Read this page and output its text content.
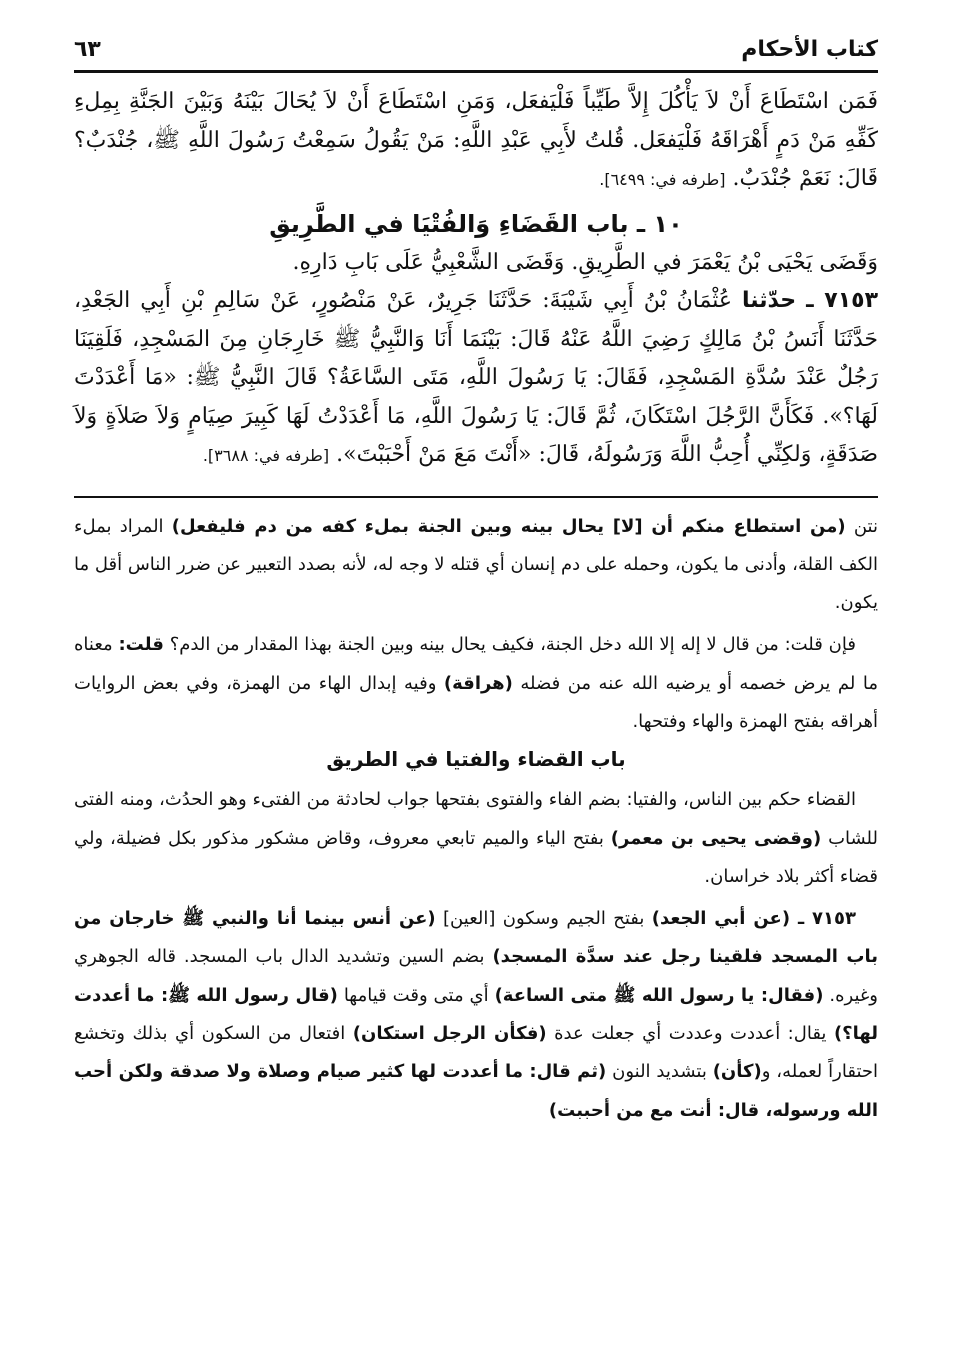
كتاب الأحكام
٦٣

فَمَن اسْتَطَاعَ أَنْ لاَ يَأْكُلَ إِلاَّ طَيِّباً فَلْيَفعَل، وَمَنِ اسْتَطَاعَ أَنْ لاَ يُحَالَ بَيْنَهُ وَبَيْنَ الجَنَّةِ بِمِلءِ كَفِّهِ مَنْ دَمٍ أَهْرَاقَهُ فَلْيَفعَل. قُلتُ لأَبِي عَبْدِ اللَّهِ: مَنْ يَقُولُ سَمِعْتُ رَسُولَ اللَّهِ ﷺ، جُنْدَبٌ؟ قَالَ: نَعَمْ جُنْدَبٌ. [طرفه في: ٦٤٩٩].

١٠ ـ باب القَضَاءِ وَالفُتْيَا في الطَّرِيقِ

وَقَضَى يَحْيَى بْنُ يَعْمَرَ في الطَّرِيقِ. وَقَضَى الشَّعْبِيُّ عَلَى بَابِ دَارِهِ.

٧١٥٣ ـ حدّثنا عُثْمَانُ بْنُ أَبِي شَيْبَةَ: حَدَّثَنَا جَرِيرٌ، عَنْ مَنْصُورٍ، عَنْ سَالِمِ بْنِ أَبِي الجَعْدِ، حَدَّثَنَا أَنَسُ بْنُ مَالِكٍ رَضِيَ اللَّهُ عَنْهُ قَالَ: بَيْنَمَا أَنَا وَالنَّبِيُّ ﷺ خَارِجَانِ مِنَ المَسْجِدِ، فَلَقِيَنَا رَجُلٌ عَنْدَ سُدَّةِ المَسْجِدِ، فَقَالَ: يَا رَسُولَ اللَّهِ، مَتَى السَّاعَةُ؟ قَالَ النَّبِيُّ ﷺ: «مَا أَعْدَدْتَ لَهَا؟». فَكَأَنَّ الرَّجُلَ اسْتَكَانَ، ثُمَّ قَالَ: يَا رَسُولَ اللَّهِ، مَا أَعْدَدْتُ لَهَا كَبِيرَ صِيَامٍ وَلاَ صَلاَةٍ وَلاَ صَدَقَةٍ، وَلكِنِّي أُحِبُّ اللَّهَ وَرَسُولَهُ، قَالَ: «أَنْتَ مَعَ مَنْ أَحْبَبْتَ». [طرفه في: ٣٦٨٨].

نتن (من استطاع منكم أن [لا] يحال بينه وبين الجنة بملء كفه من دم فليفعل) المراد بملء الكف القلة، وأدنى ما يكون، وحمله على دم إنسان أي قتله لا وجه له، لأنه بصدد التعبير عن ضرر الناس أقل ما يكون.

فإن قلت: من قال لا إله إلا الله دخل الجنة، فكيف يحال بينه وبين الجنة بهذا المقدار من الدم؟ قلت: معناه ما لم يرض خصمه أو يرضيه الله عنه من فضله (هراقة) وفيه إبدال الهاء من الهمزة، وفي بعض الروايات أهراقه بفتح الهمزة والهاء وفتحها.

باب القضاء والفتيا في الطريق

القضاء حكم بين الناس، والفتيا: بضم الفاء والفتوى بفتحها جواب لحادثة من الفتىء وهو الحدُث، ومنه الفتى للشاب (وقضى يحيى بن معمر) بفتح الياء والميم تابعي معروف، وقاض مشكور مذكور بكل فضيلة، ولي قضاء أكثر بلاد خراسان.

٧١٥٣ ـ (عن أبي الجعد) بفتح الجيم وسكون [العين] (عن أنس بينما أنا والنبي ﷺ خارجان من باب المسجد فلقينا رجل عند سدَّة المسجد) بضم السين وتشديد الدال باب المسجد. قاله الجوهري وغيره. (فقال: يا رسول الله ﷺ متى الساعة) أي متى وقت قيامها (قال رسول الله ﷺ: ما أعددت لها؟) يقال: أعددت وعددت أي جعلت عدة (فكأن الرجل استكان) افتعال من السكون أي بذلك وتخشع احتقاراً لعمله، و(كأن) بتشديد النون (ثم قال: ما أعددت لها كثير صيام وصلاة ولا صدقة ولكن أحب الله ورسوله، قال: أنت مع من أحببت)
